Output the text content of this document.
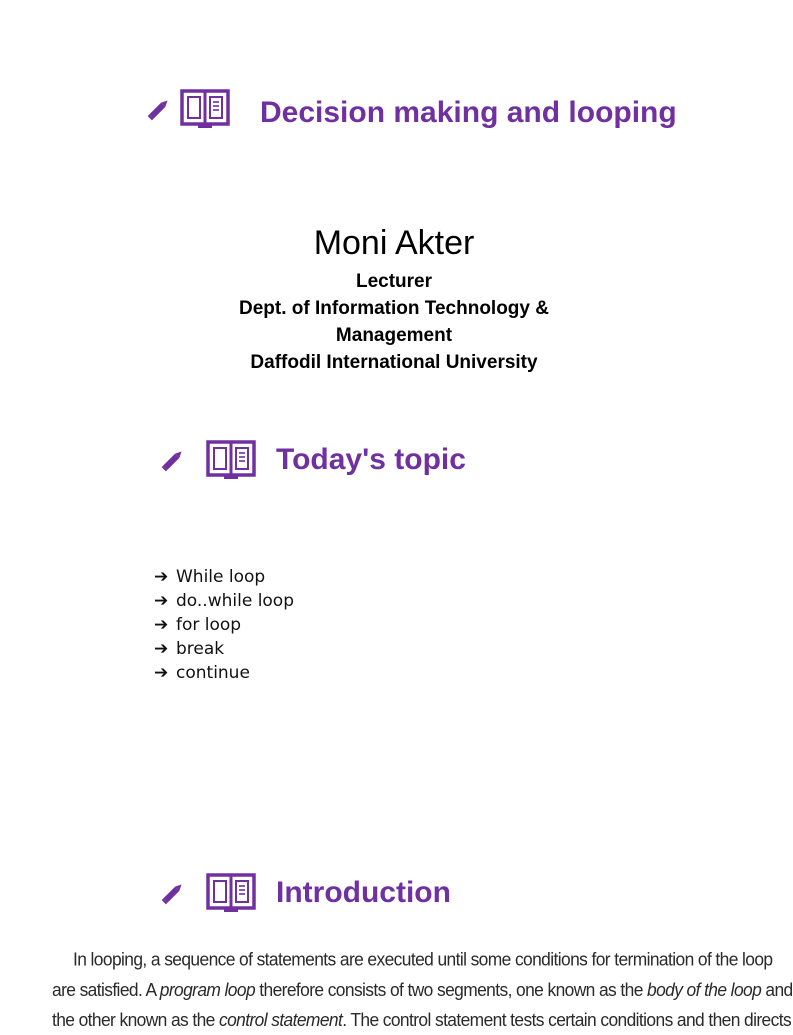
Decision making and looping
Moni Akter
Lecturer
Dept. of Information Technology &
Management
Daffodil International University
Today's topic
➔ While loop
➔ do..while loop
➔ for loop
➔ break
➔ continue
Introduction
In looping, a sequence of statements are executed until some conditions for termination of the loop
are satisfied. A program loop therefore consists of two segments, one known as the body of the loop and
the other known as the control statement. The control statement tests certain conditions and then directs
